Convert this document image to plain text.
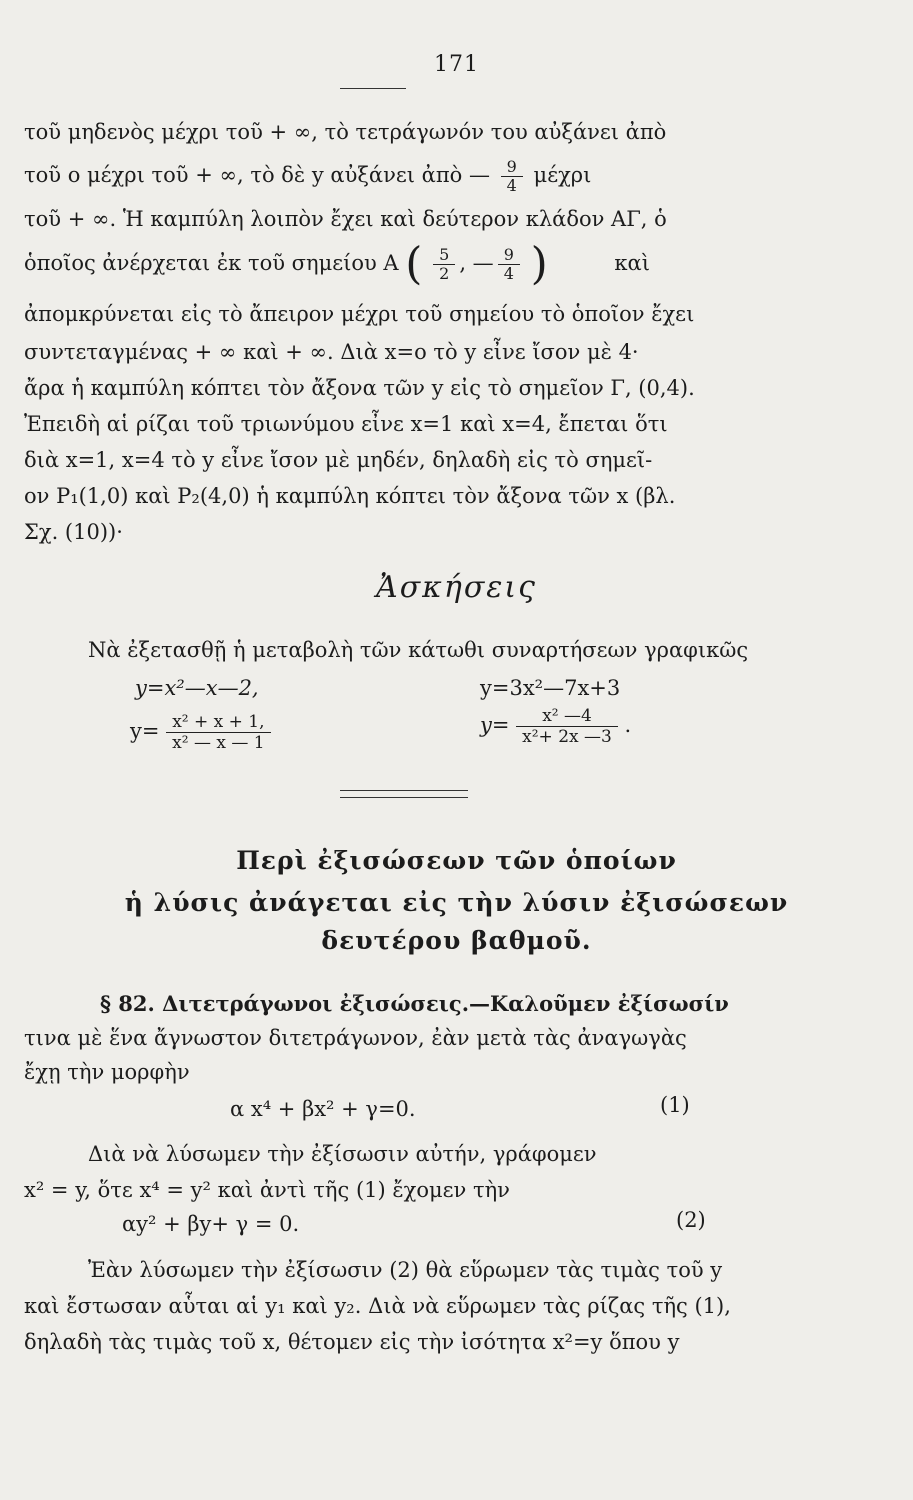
171
τοῦ μηδενὸς μέχρι τοῦ + ∞, τὸ τετράγωνόν του αὐξάνει ἀπὸ
τοῦ ο μέχρι τοῦ + ∞, τὸ δὲ y αὐξάνει ἀπὸ — $\frac{9}{4}$ μέχρι
τοῦ + ∞. Ἡ καμπύλη λοιπὸν ἔχει καὶ δεύτερον κλάδον ΑΓ, ὁ
ὁποῖος ἀνέρχεται ἐκ τοῦ σημείου Α ( $\frac{5}{2}$ , — $\frac{9}{4}$ )	καὶ
ἀπομκρύνεται εἰς τὸ ἄπειρον μέχρι τοῦ σημείου τὸ ὁποῖον ἔχει
συντεταγμένας + ∞ καὶ + ∞. Διὰ x=ο τὸ y εἶνε ἴσον μὲ 4·
ἄρα ἡ καμπύλη κόπτει τὸν ἄξονα τῶν y εἰς τὸ σημεῖον Γ, (0,4).
Ἐπειδὴ αἱ ρίζαι τοῦ τριωνύμου εἶνε x=1 καὶ x=4, ἔπεται ὅτι
διὰ x=1, x=4 τὸ y εἶνε ἴσον μὲ μηδέν, δηλαδὴ εἰς τὸ σημεῖ-
ον P₁(1,0) καὶ P₂(4,0) ἡ καμπύλη κόπτει τὸν ἄξονα τῶν x (βλ.
Σχ. (10))·
Ἀσκήσεις
Νὰ ἐξετασθῇ ἡ μεταβολὴ τῶν κάτωθι συναρτήσεων γραφικῶς
y=x²—x—2,	y=3x²—7x+3
$y= \frac{\text{x² + x + 1,}}{\text{x² — x — 1}}$	$y= \frac{\text{x² —4}}{\text{x²+ 2x —3}}$ .
Περὶ ἐξισώσεων τῶν ὁποίων
ἡ λύσις ἀνάγεται εἰς τὴν λύσιν ἐξισώσεων
δευτέρου βαθμοῦ.
§ 82. Διτετράγωνοι ἐξισώσεις.—Καλοῦμεν ἐξίσωσίν
τινα μὲ ἕνα ἄγνωστον διτετράγωνον, ἐὰν μετὰ τὰς ἀναγωγὰς
ἔχῃ τὴν μορφὴν
α x⁴ + βx² + γ=0.	(1)
Διὰ νὰ λύσωμεν τὴν ἐξίσωσιν αὐτήν, γράφομεν
x² = y, ὅτε x⁴ = y² καὶ ἀντὶ τῆς (1) ἔχομεν τὴν
αy² + βy+ γ = 0.	(2)
Ἐὰν λύσωμεν τὴν ἐξίσωσιν (2) θὰ εὕρωμεν τὰς τιμὰς τοῦ y
καὶ ἔστωσαν αὗται αἱ y₁ καὶ y₂. Διὰ νὰ εὕρωμεν τὰς ρίζας τῆς (1),
δηλαδὴ τὰς τιμὰς τοῦ x, θέτομεν εἰς τὴν ἰσότητα x²=y ὅπου y
